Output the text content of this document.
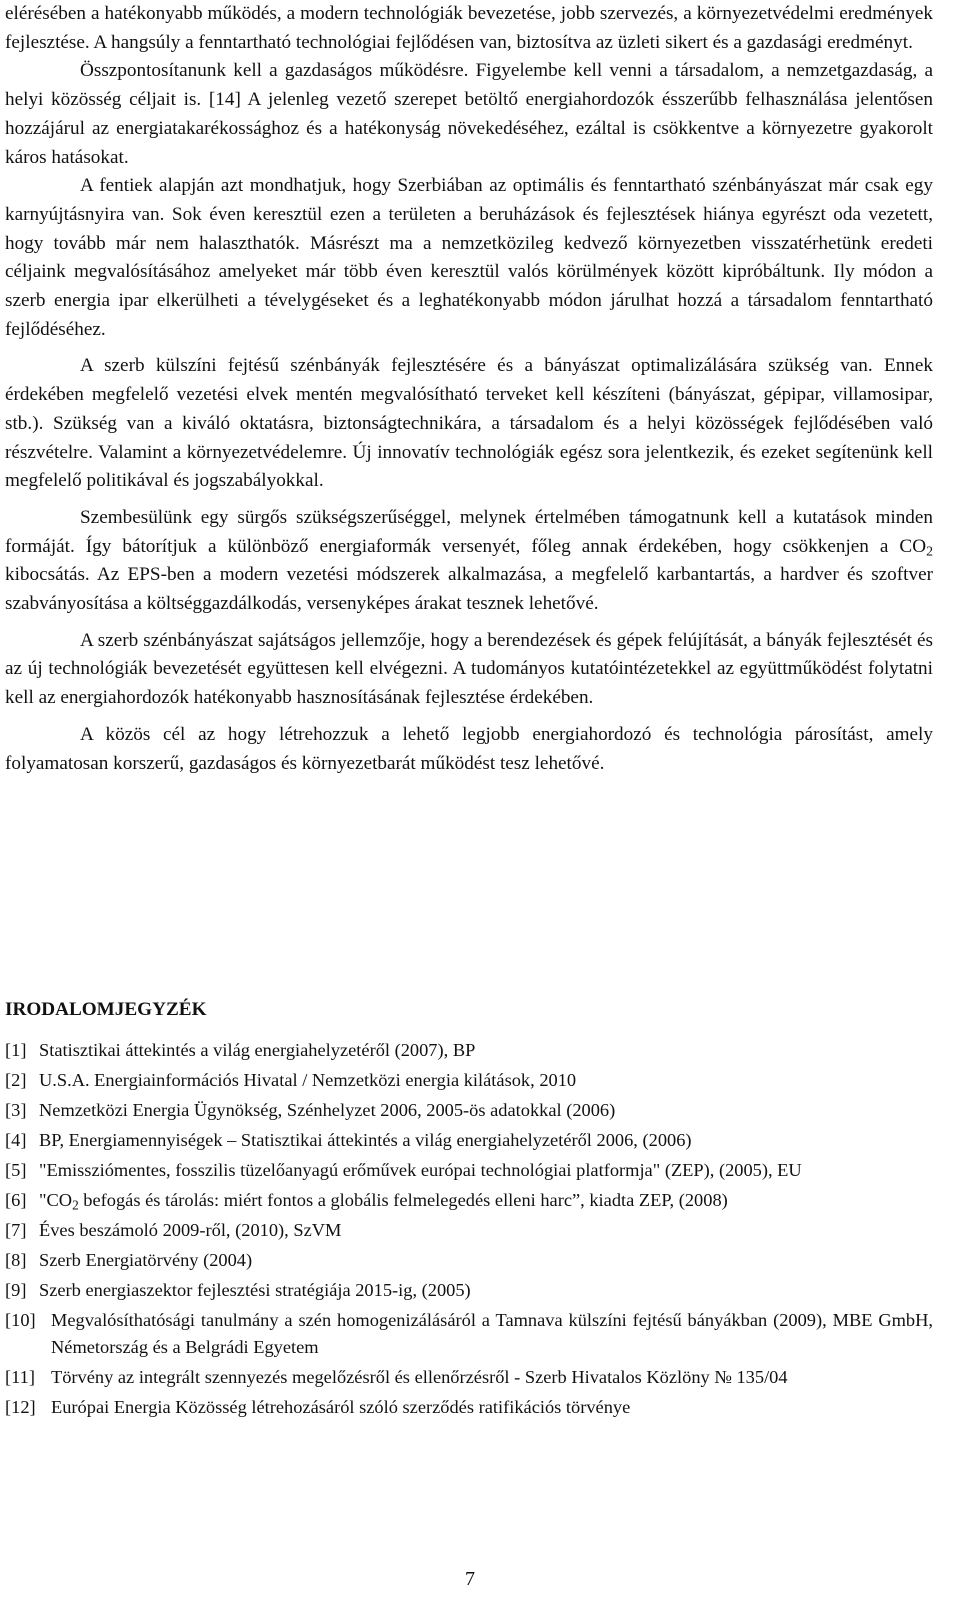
elérésében a hatékonyabb működés, a modern technológiák bevezetése, jobb szervezés, a környezetvédelmi eredmények fejlesztése. A hangsúly a fenntartható technológiai fejlődésen van, biztosítva az üzleti sikert és a gazdasági eredményt.

Összpontosítanunk kell a gazdaságos működésre. Figyelembe kell venni a társadalom, a nemzetgazdaság, a helyi közösség céljait is. [14] A jelenleg vezető szerepet betöltő energiahordozók ésszerűbb felhasználása jelentősen hozzájárul az energiatakarékossághoz és a hatékonyság növekedéséhez, ezáltal is csökkentve a környezetre gyakorolt káros hatásokat.

A fentiek alapján azt mondhatjuk, hogy Szerbiában az optimális és fenntartható szénbányászat már csak egy karnyújtásnyira van. Sok éven keresztül ezen a területen a beruházások és fejlesztések hiánya egyrészt oda vezetett, hogy tovább már nem halaszthatók. Másrészt ma a nemzetközileg kedvező környezetben visszatérhetünk eredeti céljaink megvalósításához amelyeket már több éven keresztül valós körülmények között kipróbáltunk. Ily módon a szerb energia ipar elkerülheti a tévelygéseket és a leghatékonyabb módon járulhat hozzá a társadalom fenntartható fejlődéséhez.

A szerb külszíni fejtésű szénbányák fejlesztésére és a bányászat optimalizálására szükség van. Ennek érdekében megfelelő vezetési elvek mentén megvalósítható terveket kell készíteni (bányászat, gépipar, villamosipar, stb.). Szükség van a kiváló oktatásra, biztonságtechnikára, a társadalom és a helyi közösségek fejlődésében való részvételre. Valamint a környezetvédelemre. Új innovatív technológiák egész sora jelentkezik, és ezeket segítenünk kell megfelelő politikával és jogszabályokkal.

Szembesülünk egy sürgős szükségszerűséggel, melynek értelmében támogatnunk kell a kutatások minden formáját. Így bátorítjuk a különböző energiaformák versenyét, főleg annak érdekében, hogy csökkenjen a $CO_2$ kibocsátás. Az EPS-ben a modern vezetési módszerek alkalmazása, a megfelelő karbantartás, a hardver és szoftver szabványosítása a költséggazdálkodás, versenyképes árakat tesznek lehetővé.

A szerb szénbányászat sajátságos jellemzője, hogy a berendezések és gépek felújítását, a bányák fejlesztését és az új technológiák bevezetését együttesen kell elvégezni. A tudományos kutatóintézetekkel az együttműködést folytatni kell az energiahordozók hatékonyabb hasznosításának fejlesztése érdekében.

A közös cél az hogy létrehozzuk a lehető legjobb energiahordozó és technológia párosítást, amely folyamatosan korszerű, gazdaságos és környezetbarát működést tesz lehetővé.

IRODALOMJEGYZÉK
[1] Statisztikai áttekintés a világ energiahelyzetéről (2007), BP
[2] U.S.A. Energiainformációs Hivatal / Nemzetközi energia kilátások, 2010
[3] Nemzetközi Energia Ügynökség, Szénhelyzet 2006, 2005-ös adatokkal (2006)
[4] BP, Energiamennyiségek – Statisztikai áttekintés a világ energiahelyzetéről 2006, (2006)
[5] "Emissziómentes, fosszilis tüzelőanyagú erőművek európai technológiai platformja" (ZEP), (2005), EU
[6] "$CO_2$ befogás és tárolás: miért fontos a globális felmelegedés elleni harc”, kiadta ZEP, (2008)
[7] Éves beszámoló 2009-ről, (2010), SzVM
[8] Szerb Energiatörvény (2004)
[9] Szerb energiaszektor fejlesztési stratégiája 2015-ig, (2005)
[10] Megvalósíthatósági tanulmány a szén homogenizálásáról a Tamnava külszíni fejtésű bányákban (2009), MBE GmbH, Németország és a Belgrádi Egyetem
[11] Törvény az integrált szennyezés megelőzésről és ellenőrzésről - Szerb Hivatalos Közlöny № 135/04
[12] Európai Energia Közösség létrehozásáról szóló szerződés ratifikációs törvénye
7
